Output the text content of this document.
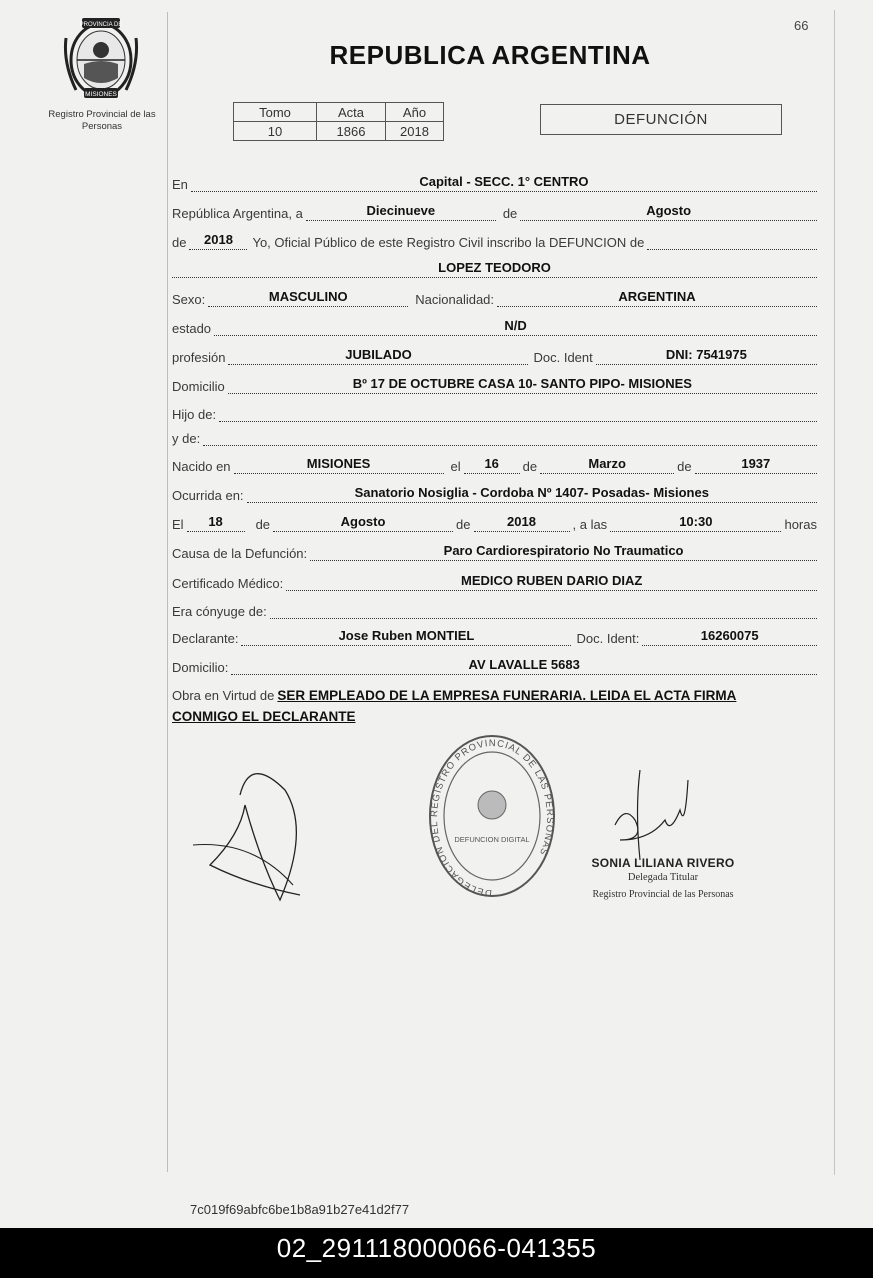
66
PROVINCIA DE
MISIONES
Registro Provincial de las Personas
REPUBLICA ARGENTINA
Tomo	Acta	Año
10	1866	2018
DEFUNCIÓN
En	Capital - SECC. 1° CENTRO
República Argentina, a	Diecinueve	de	Agosto
de	2018	Yo, Oficial Público de este Registro Civil inscribo la DEFUNCION de
LOPEZ TEODORO
Sexo:	MASCULINO	Nacionalidad:	ARGENTINA
estado	N/D
profesión	JUBILADO	Doc. Ident	DNI: 7541975
Domicilio	Bº 17 DE OCTUBRE CASA 10- SANTO PIPO- MISIONES
Hijo de:
y de:
Nacido en	MISIONES	el	16	de	Marzo	de	1937
Ocurrida en:	Sanatorio Nosiglia - Cordoba Nº 1407- Posadas- Misiones
El	18	de	Agosto	de	2018	, a las	10:30	horas
Causa de la Defunción:	Paro Cardiorespiratorio No Traumatico
Certificado Médico:	MEDICO RUBEN DARIO DIAZ
Era cónyuge de:
Declarante:	Jose Ruben MONTIEL	Doc. Ident:	16260075
Domicilio:	AV LAVALLE 5683
Obra en Virtud de SER EMPLEADO DE LA EMPRESA FUNERARIA. LEIDA EL ACTA FIRMA
CONMIGO EL DECLARANTE
DELEGACION DEL REGISTRO PROVINCIAL DE LAS PERSONAS
DEFUNCION DIGITAL
SONIA LILIANA RIVERO
Delegada Titular
Registro Provincial de las Personas
7c019f69abfc6be1b8a91b27e41d2f77
02_291118000066-041355
